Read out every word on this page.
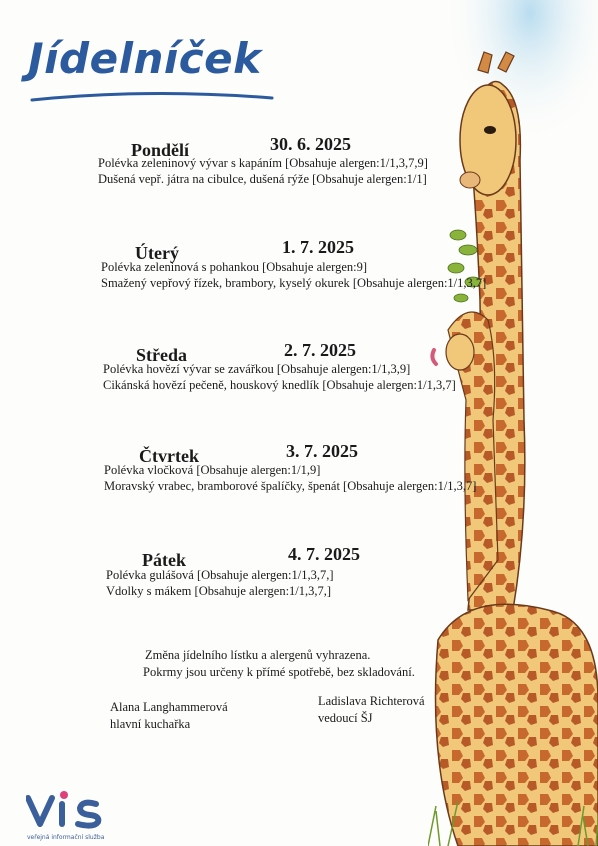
Jídelníček
Pondělí	30. 6. 2025
Polévka zeleninový vývar s kapáním [Obsahuje alergen:1/1,3,7,9]
Dušená vepř. játra na cibulce, dušená rýže [Obsahuje alergen:1/1]
Úterý	1. 7. 2025
Polévka zeleninová s pohankou [Obsahuje alergen:9]
Smažený vepřový řízek, brambory, kyselý okurek [Obsahuje alergen:1/1,3,7]
Středa	2. 7. 2025
Polévka hovězí vývar se zavářkou [Obsahuje alergen:1/1,3,9]
Cikánská hovězí pečeně, houskový knedlík [Obsahuje alergen:1/1,3,7]
Čtvrtek	3. 7. 2025
Polévka vločková [Obsahuje alergen:1/1,9]
Moravský vrabec, bramborové špalíčky, špenát [Obsahuje alergen:1/1,3,7]
Pátek	4. 7. 2025
Polévka gulášová [Obsahuje alergen:1/1,3,7,]
Vdolky s mákem [Obsahuje alergen:1/1,3,7,]
Změna jídelního lístku a alergenů vyhrazena.
Pokrmy jsou určeny k přímé spotřebě, bez skladování.
Alana Langhammerová
hlavní kuchařka
Ladislava Richterová
vedoucí ŠJ
VIS
veřejná informační služba
